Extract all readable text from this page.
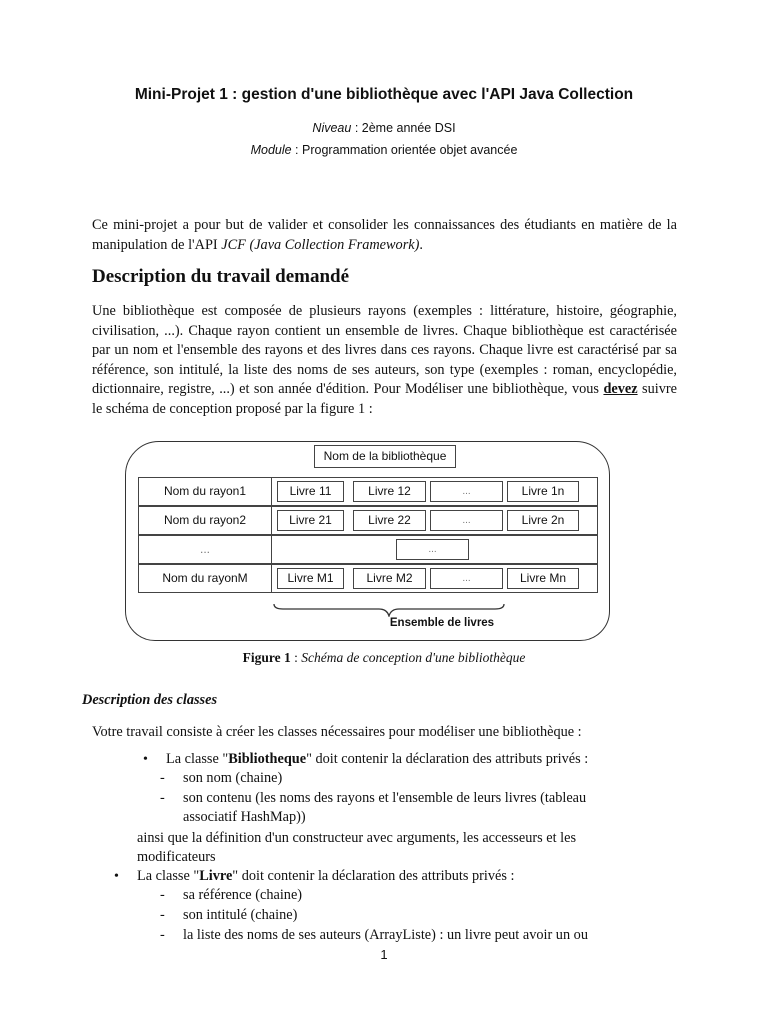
Mini-Projet 1 : gestion d'une bibliothèque avec l'API Java Collection
Niveau : 2ème année DSI
Module : Programmation orientée objet avancée
Ce mini-projet a pour but de valider et consolider les connaissances des étudiants en matière de la manipulation de l'API JCF (Java Collection Framework).
Description du travail demandé
Une bibliothèque est composée de plusieurs rayons (exemples : littérature, histoire, géographie, civilisation, ...). Chaque rayon contient un ensemble de livres. Chaque bibliothèque est caractérisée par un nom et l'ensemble des rayons et des livres dans ces rayons. Chaque livre est caractérisé par sa référence, son intitulé, la liste des noms de ses auteurs, son type (exemples : roman, encyclopédie, dictionnaire, registre, ...) et son année d'édition. Pour Modéliser une bibliothèque, vous devez suivre le schéma de conception proposé par la figure 1 :
Nom de la bibliothèque
Nom du rayon1	Livre 11	Livre 12	...	Livre 1n
Nom du rayon2	Livre 21	Livre 22	...	Livre 2n
...	...
Nom du rayonM	Livre M1	Livre M2	...	Livre Mn
Ensemble de livres
Figure 1 : Schéma de conception d'une bibliothèque
Description des classes
Votre travail consiste à créer les classes nécessaires pour modéliser une bibliothèque :
• La classe "Bibliotheque" doit contenir la déclaration des attributs privés :
- son nom (chaine)
- son contenu (les noms des rayons et l'ensemble de leurs livres (tableau
associatif HashMap))
ainsi que la définition d'un constructeur avec arguments, les accesseurs et les
modificateurs
• La classe "Livre" doit contenir la déclaration des attributs privés :
- sa référence (chaine)
- son intitulé (chaine)
- la liste des noms de ses auteurs (ArrayListe) : un livre peut avoir un ou
1
